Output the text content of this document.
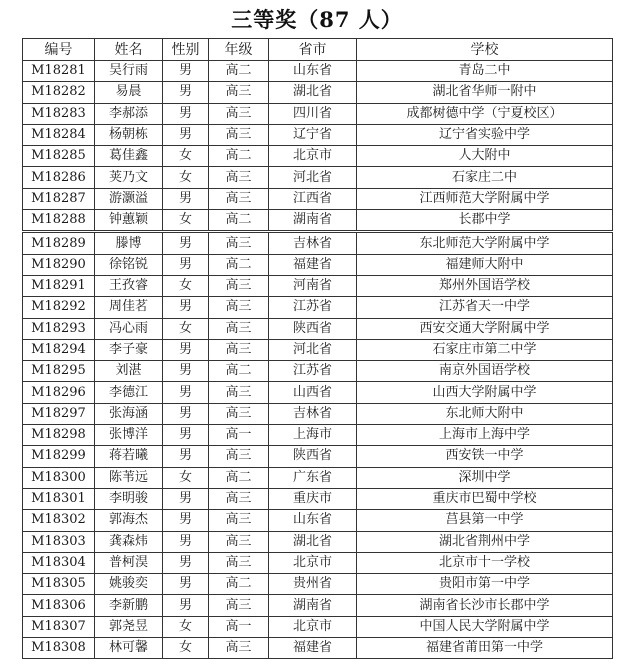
三等奖（87 人）
编号	姓名	性别	年级	省市	学校
M18281	吴行雨	男	高二	山东省	青岛二中
M18282	易晨	男	高三	湖北省	湖北省华师一附中
M18283	李郝添	男	高三	四川省	成都树德中学（宁夏校区）
M18284	杨朝栋	男	高三	辽宁省	辽宁省实验中学
M18285	葛佳鑫	女	高二	北京市	人大附中
M18286	荚乃文	女	高三	河北省	石家庄二中
M18287	游灏溢	男	高三	江西省	江西师范大学附属中学
M18288	钟蕙颖	女	高二	湖南省	长郡中学
M18289	滕博	男	高三	吉林省	东北师范大学附属中学
M18290	徐铭锐	男	高二	福建省	福建师大附中
M18291	王孜睿	女	高三	河南省	郑州外国语学校
M18292	周佳茗	男	高三	江苏省	江苏省天一中学
M18293	冯心雨	女	高三	陕西省	西安交通大学附属中学
M18294	李子豪	男	高三	河北省	石家庄市第二中学
M18295	刘湛	男	高二	江苏省	南京外国语学校
M18296	李德江	男	高三	山西省	山西大学附属中学
M18297	张海涵	男	高三	吉林省	东北师大附中
M18298	张博洋	男	高一	上海市	上海市上海中学
M18299	蒋若曦	男	高三	陕西省	西安铁一中学
M18300	陈苇远	女	高二	广东省	深圳中学
M18301	李明骏	男	高三	重庆市	重庆市巴蜀中学校
M18302	郭海杰	男	高三	山东省	莒县第一中学
M18303	龚森炜	男	高三	湖北省	湖北省荆州中学
M18304	普柯淏	男	高三	北京市	北京市十一学校
M18305	姚骏奕	男	高二	贵州省	贵阳市第一中学
M18306	李新鹏	男	高三	湖南省	湖南省长沙市长郡中学
M18307	郭尧昱	女	高一	北京市	中国人民大学附属中学
M18308	林可馨	女	高三	福建省	福建省莆田第一中学
